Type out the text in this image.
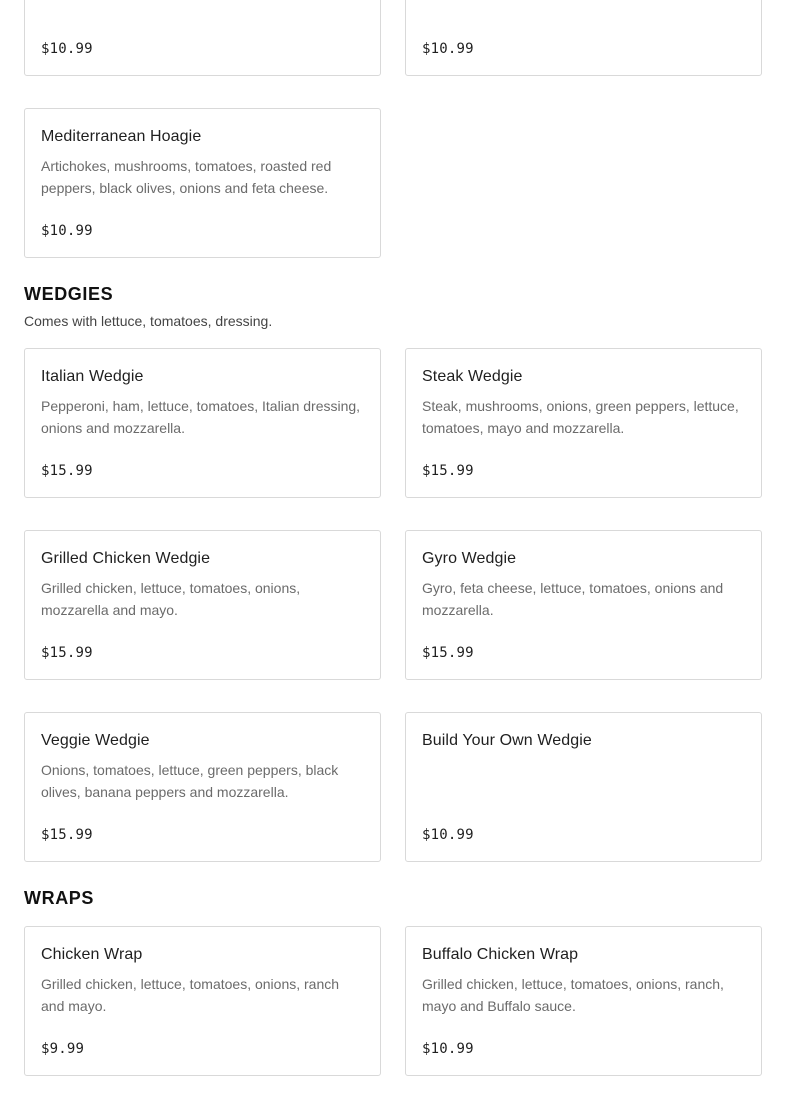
$10.99	$10.99
Mediterranean Hoagie
Artichokes, mushrooms, tomatoes, roasted red peppers, black olives, onions and feta cheese.
$10.99
WEDGIES
Comes with lettuce, tomatoes, dressing.
Italian Wedgie
Pepperoni, ham, lettuce, tomatoes, Italian dressing, onions and mozzarella.
$15.99
Steak Wedgie
Steak, mushrooms, onions, green peppers, lettuce, tomatoes, mayo and mozzarella.
$15.99
Grilled Chicken Wedgie
Grilled chicken, lettuce, tomatoes, onions, mozzarella and mayo.
$15.99
Gyro Wedgie
Gyro, feta cheese, lettuce, tomatoes, onions and mozzarella.
$15.99
Veggie Wedgie
Onions, tomatoes, lettuce, green peppers, black olives, banana peppers and mozzarella.
$15.99
Build Your Own Wedgie
$10.99
WRAPS
Chicken Wrap
Grilled chicken, lettuce, tomatoes, onions, ranch and mayo.
$9.99
Buffalo Chicken Wrap
Grilled chicken, lettuce, tomatoes, onions, ranch, mayo and Buffalo sauce.
$10.99
